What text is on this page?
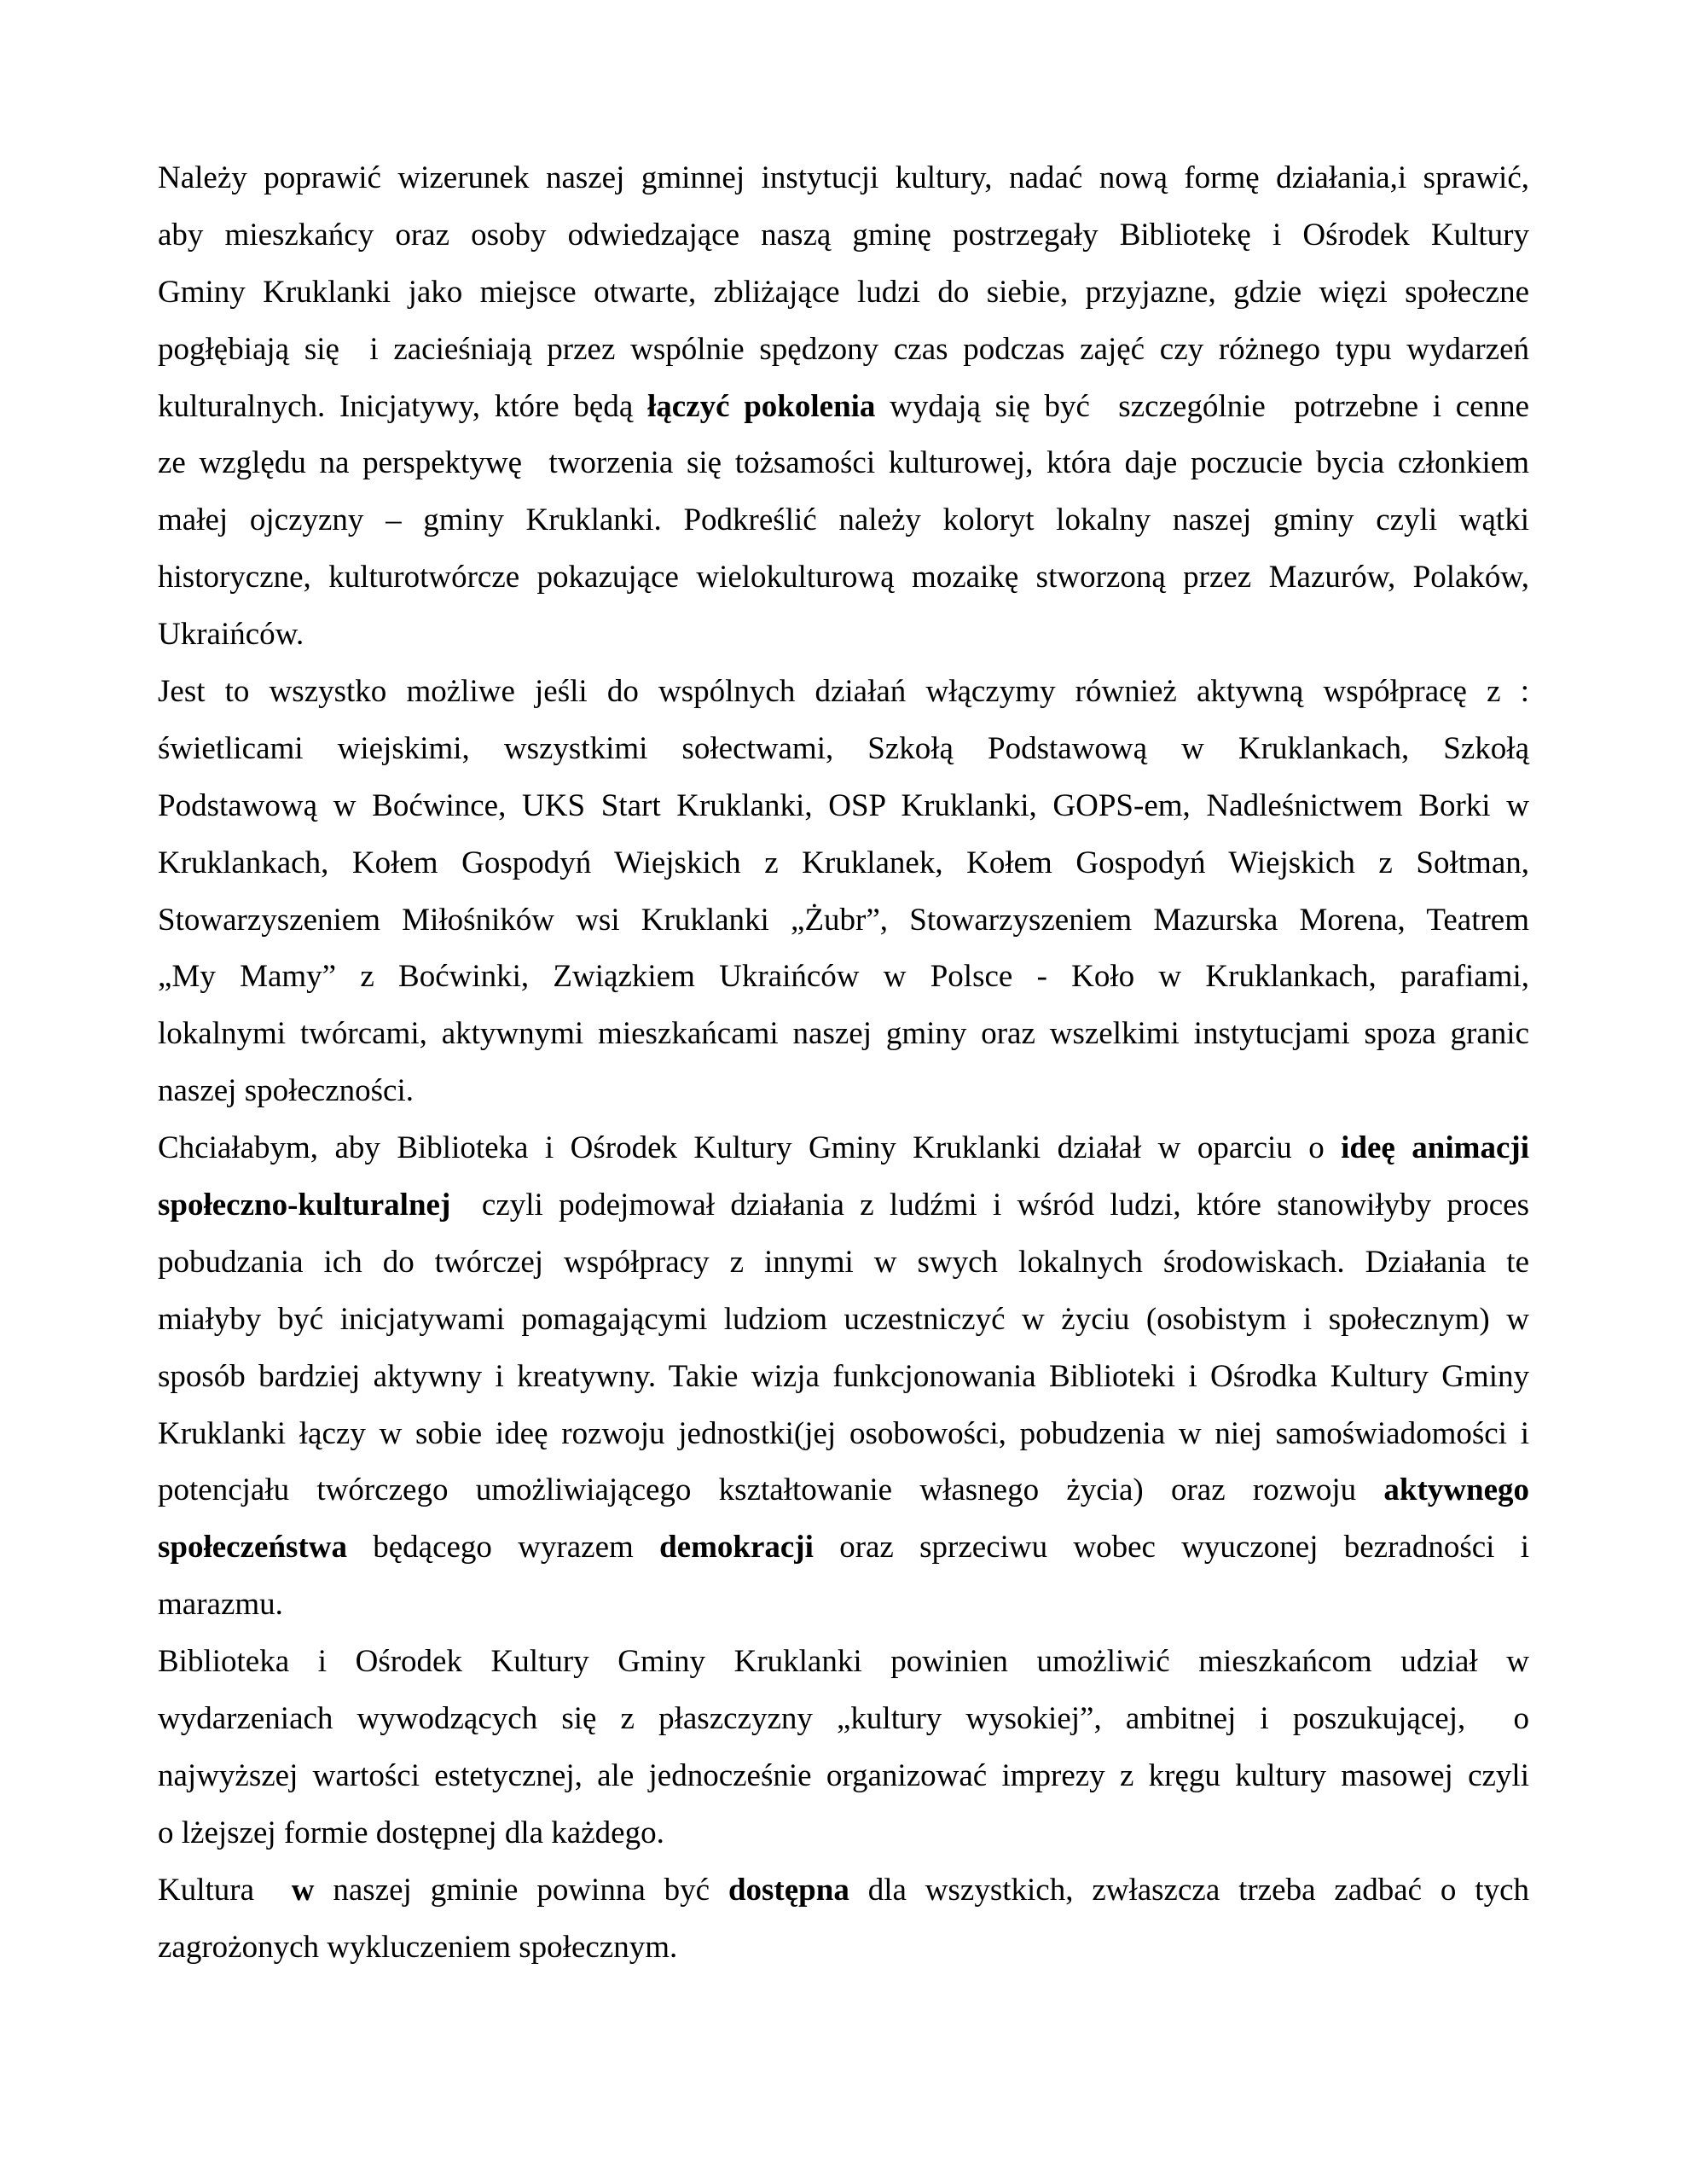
Należy poprawić wizerunek naszej gminnej instytucji kultury, nadać nową formę działania,i sprawić,
aby mieszkańcy oraz osoby odwiedzające naszą gminę postrzegały Bibliotekę i Ośrodek Kultury
Gminy Kruklanki jako miejsce otwarte, zbliżające ludzi do siebie, przyjazne, gdzie więzi społeczne
pogłębiają się  i zacieśniają przez wspólnie spędzony czas podczas zajęć czy różnego typu wydarzeń
kulturalnych. Inicjatywy, które będą łączyć pokolenia wydają się być  szczególnie  potrzebne i cenne
ze względu na perspektywę  tworzenia się tożsamości kulturowej, która daje poczucie bycia członkiem
małej ojczyzny – gminy Kruklanki. Podkreślić należy koloryt lokalny naszej gminy czyli wątki
historyczne, kulturotwórcze pokazujące wielokulturową mozaikę stworzoną przez Mazurów, Polaków,
Ukraińców.
Jest to wszystko możliwe jeśli do wspólnych działań włączymy również aktywną współpracę z :
świetlicami wiejskimi, wszystkimi sołectwami, Szkołą Podstawową w Kruklankach, Szkołą
Podstawową w Boćwince, UKS Start Kruklanki, OSP Kruklanki, GOPS-em, Nadleśnictwem Borki w
Kruklankach, Kołem Gospodyń Wiejskich z Kruklanek, Kołem Gospodyń Wiejskich z Sołtman,
Stowarzyszeniem Miłośników wsi Kruklanki „Żubr”, Stowarzyszeniem Mazurska Morena, Teatrem
„My Mamy” z Boćwinki, Związkiem Ukraińców w Polsce - Koło w Kruklankach, parafiami,
lokalnymi twórcami, aktywnymi mieszkańcami naszej gminy oraz wszelkimi instytucjami spoza granic
naszej społeczności.
Chciałabym, aby Biblioteka i Ośrodek Kultury Gminy Kruklanki działał w oparciu o ideę animacji
społeczno-kulturalnej  czyli podejmował działania z ludźmi i wśród ludzi, które stanowiłyby proces
pobudzania ich do twórczej współpracy z innymi w swych lokalnych środowiskach. Działania te
miałyby być inicjatywami pomagającymi ludziom uczestniczyć w życiu (osobistym i społecznym) w
sposób bardziej aktywny i kreatywny. Takie wizja funkcjonowania Biblioteki i Ośrodka Kultury Gminy
Kruklanki łączy w sobie ideę rozwoju jednostki(jej osobowości, pobudzenia w niej samoświadomości i
potencjału twórczego umożliwiającego kształtowanie własnego życia) oraz rozwoju aktywnego
społeczeństwa będącego wyrazem demokracji oraz sprzeciwu wobec wyuczonej bezradności i
marazmu.
Biblioteka i Ośrodek Kultury Gminy Kruklanki powinien umożliwić mieszkańcom udział w
wydarzeniach wywodzących się z płaszczyzny „kultury wysokiej”, ambitnej i poszukującej,  o
najwyższej wartości estetycznej, ale jednocześnie organizować imprezy z kręgu kultury masowej czyli
o lżejszej formie dostępnej dla każdego.
Kultura  w naszej gminie powinna być dostępna dla wszystkich, zwłaszcza trzeba zadbać o tych
zagrożonych wykluczeniem społecznym.
